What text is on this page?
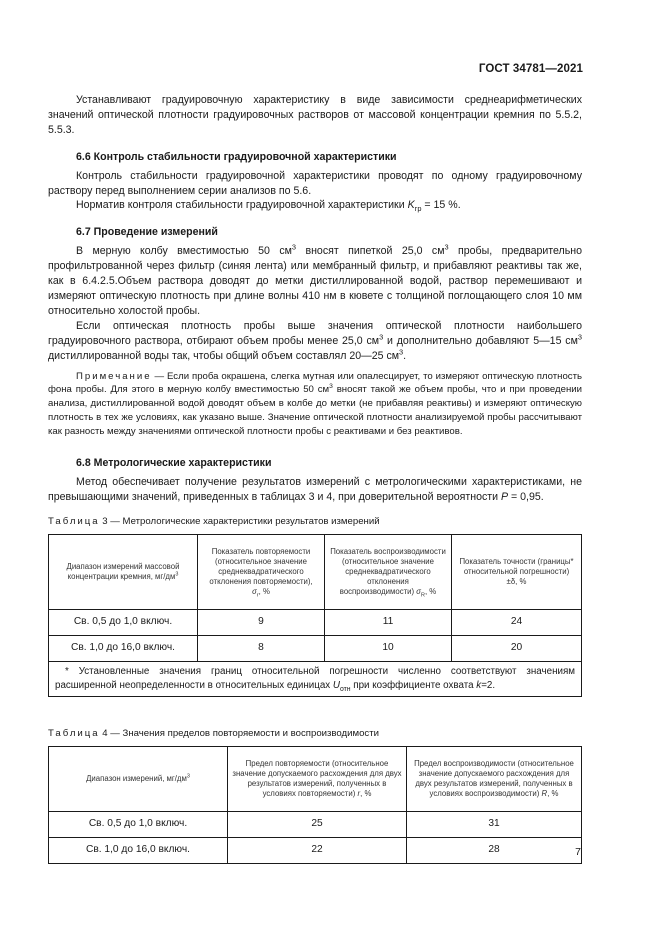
ГОСТ 34781—2021

Устанавливают градуировочную характеристику в виде зависимости среднеарифметических значений оптической плотности градуировочных растворов от массовой концентрации кремния по 5.5.2, 5.5.3.

6.6 Контроль стабильности градуировочной характеристики

Контроль стабильности градуировочной характеристики проводят по одному градуировочному раствору перед выполнением серии анализов по 5.6.

Норматив контроля стабильности градуировочной характеристики $K_{гр} = 15$ %.

6.7 Проведение измерений

В мерную колбу вместимостью 50 $см^3$ вносят пипеткой 25,0 $см^3$ пробы, предварительно профильтрованной через фильтр (синяя лента) или мембранный фильтр, и прибавляют реактивы так же, как в 6.4.2.5.Объем раствора доводят до метки дистиллированной водой, раствор перемешивают и измеряют оптическую плотность при длине волны 410 нм в кювете с толщиной поглощающего слоя 10 мм относительно холостой пробы.

Если оптическая плотность пробы выше значения оптической плотности наибольшего градуировочного раствора, отбирают объем пробы менее 25,0 $см^3$ и дополнительно добавляют 5—15 $см^3$ дистиллированной воды так, чтобы общий объем составлял 20—25 $см^3$.

Примечание — Если проба окрашена, слегка мутная или опалесцирует, то измеряют оптическую плотность фона пробы. Для этого в мерную колбу вместимостью 50 $см^3$ вносят такой же объем пробы, что и при проведении анализа, дистиллированной водой доводят объем в колбе до метки (не прибавляя реактивы) и измеряют оптическую плотность в тех же условиях, как указано выше. Значение оптической плотности анализируемой пробы рассчитывают как разность между значениями оптической плотности пробы с реактивами и без реактивов.

6.8 Метрологические характеристики

Метод обеспечивает получение результатов измерений с метрологическими характеристиками, не превышающими значений, приведенных в таблицах 3 и 4, при доверительной вероятности P = 0,95.

Таблица 3 — Метрологические характеристики результатов измерений
Диапазон измерений массовой концентрации кремния, $мг/дм^3$	Показатель повторяемости (относительное значение среднеквадратического отклонения повторяемости),
$\sigma_r$, %	Показатель воспроизводимости (относительное значение среднеквадратического отклонения воспроизводимости) $\sigma_R$, %	Показатель точности (границы* относительной погрешности)
±δ, %
Св. 0,5 до 1,0 включ.	9	11	24
Св. 1,0 до 16,0 включ.	8	10	20
* Установленные значения границ относительной погрешности численно соответствуют значениям расширенной неопределенности в относительных единицах $U_{отн}$ при коэффициенте охвата k=2.			
Таблица 4 — Значения пределов повторяемости и воспроизводимости
Диапазон измерений, $мг/дм^3$	Предел повторяемости (относительное значение допускаемого расхождения для двух результатов измерений, полученных в условиях повторяемости) r, %	Предел воспроизводимости (относительное значение допускаемого расхождения для двух результатов измерений, полученных в условиях воспроизводимости) R, %
Св. 0,5 до 1,0 включ.	25	31
Св. 1,0 до 16,0 включ.	22	28	7
